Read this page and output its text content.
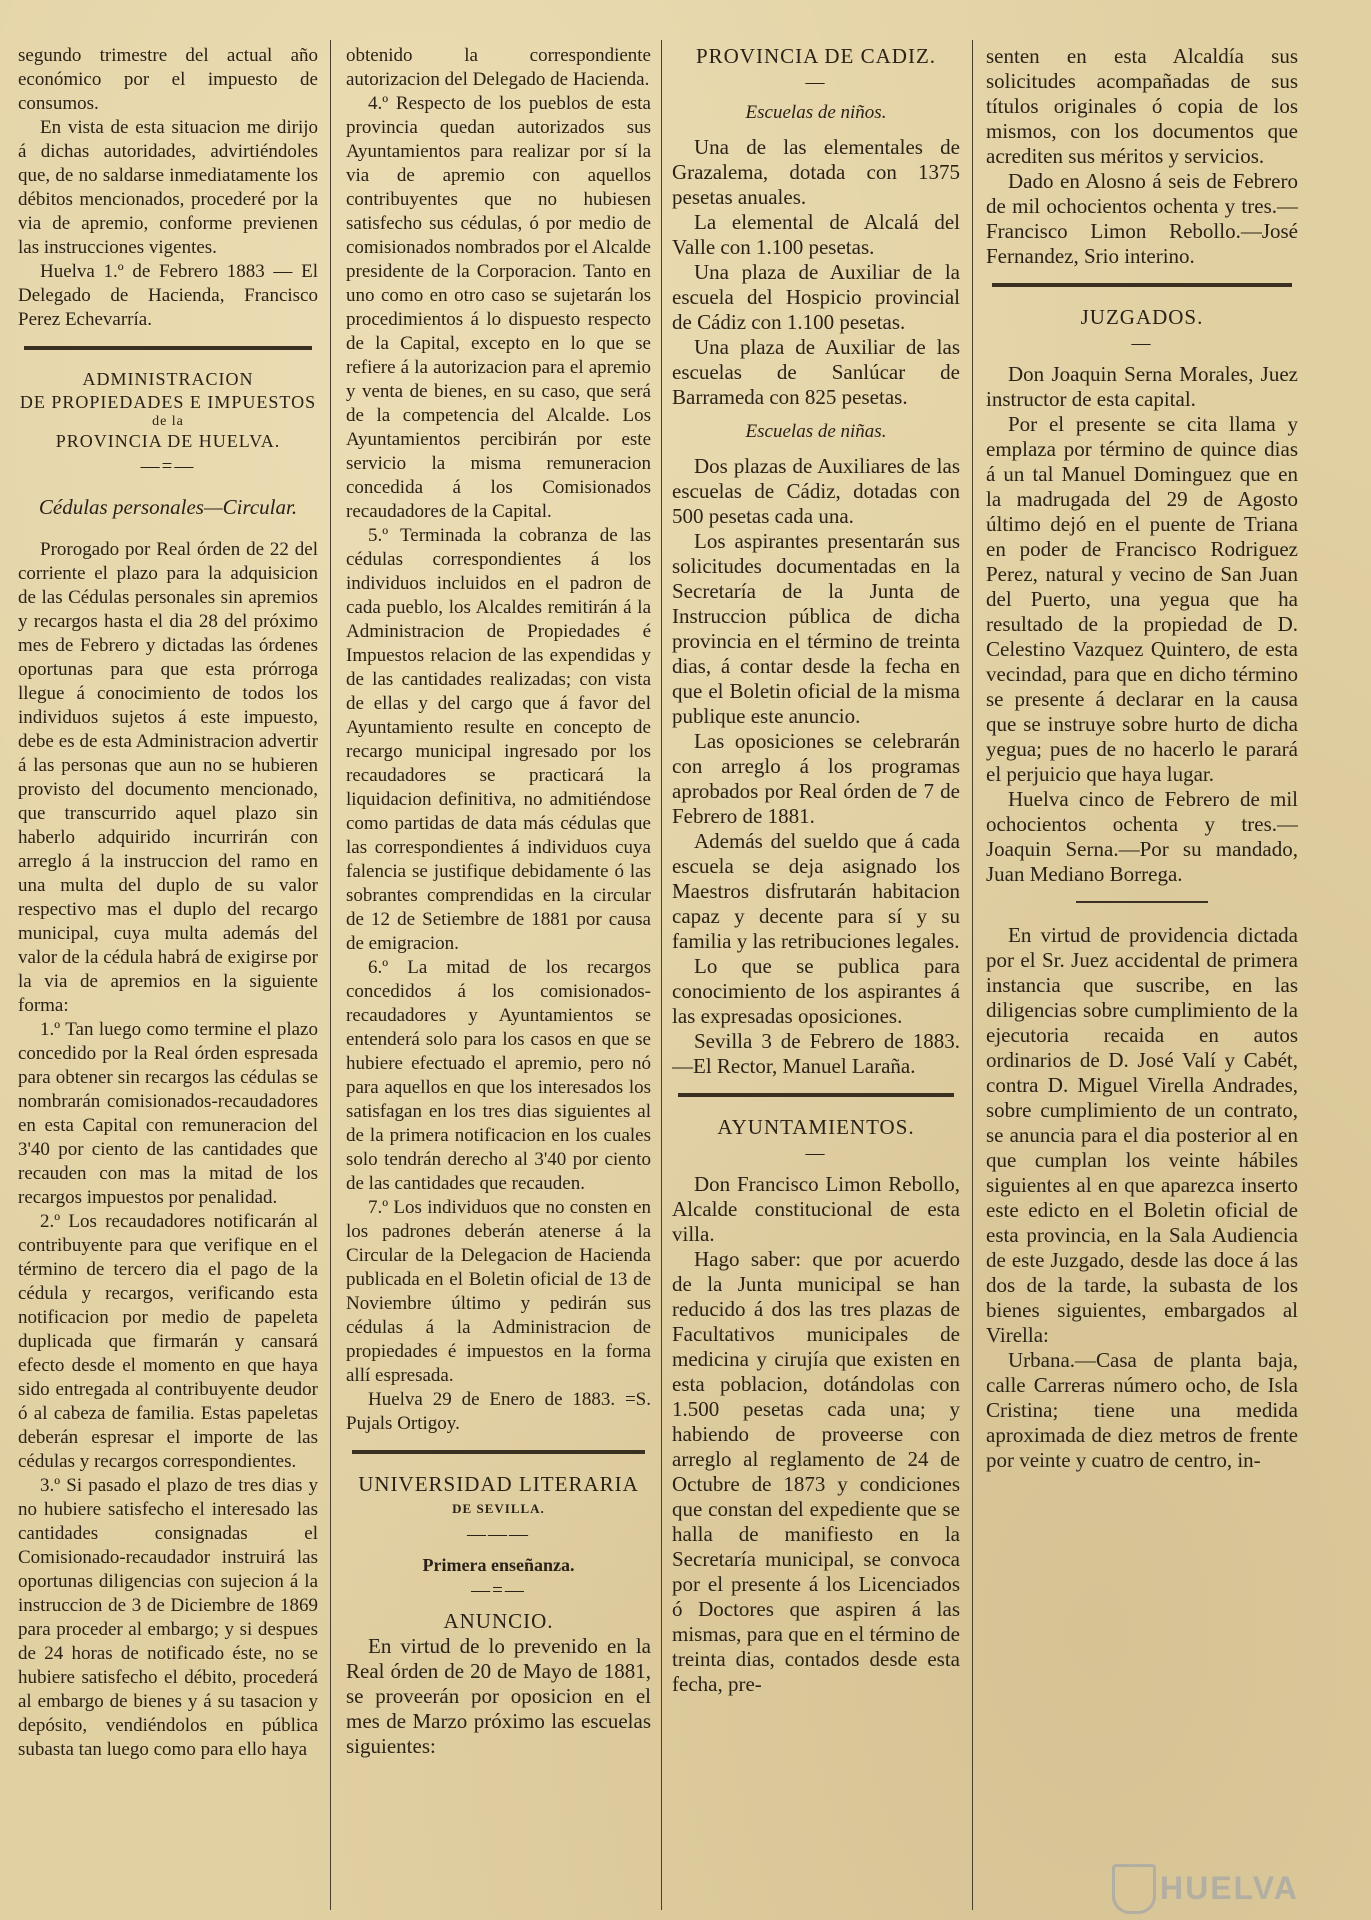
segundo trimestre del actual año económico por el impuesto de consumos.

En vista de esta situacion me dirijo á dichas autoridades, advirtiéndoles que, de no saldarse inmediatamente los débitos mencionados, procederé por la via de apremio, conforme previenen las instrucciones vigentes.

Huelva 1.º de Febrero 1883 — El Delegado de Hacienda, Francisco Perez Echevarría.

ADMINISTRACION

DE PROPIEDADES E IMPUESTOS

de la

PROVINCIA DE HUELVA.

—=—

Cédulas personales—Circular.

Prorogado por Real órden de 22 del corriente el plazo para la adquisicion de las Cédulas personales sin apremios y recargos hasta el dia 28 del próximo mes de Febrero y dictadas las órdenes oportunas para que esta prórroga llegue á conocimiento de todos los individuos sujetos á este impuesto, debe es de esta Administracion advertir á las personas que aun no se hubieren provisto del documento mencionado, que transcurrido aquel plazo sin haberlo adquirido incurrirán con arreglo á la instruccion del ramo en una multa del duplo de su valor respectivo mas el duplo del recargo municipal, cuya multa además del valor de la cédula habrá de exigirse por la via de apremios en la siguiente forma:

1.º Tan luego como termine el plazo concedido por la Real órden espresada para obtener sin recargos las cédulas se nombrarán comisionados-recaudadores en esta Capital con remuneracion del 3'40 por ciento de las cantidades que recauden con mas la mitad de los recargos impuestos por penalidad.

2.º Los recaudadores notificarán al contribuyente para que verifique en el término de tercero dia el pago de la cédula y recargos, verificando esta notificacion por medio de papeleta duplicada que firmarán y cansará efecto desde el momento en que haya sido entregada al contribuyente deudor ó al cabeza de familia. Estas papeletas deberán espresar el importe de las cédulas y recargos correspondientes.

3.º Si pasado el plazo de tres dias y no hubiere satisfecho el interesado las cantidades consignadas el Comisionado-recaudador instruirá las oportunas diligencias con sujecion á la instruccion de 3 de Diciembre de 1869 para proceder al embargo; y si despues de 24 horas de notificado éste, no se hubiere satisfecho el débito, procederá al embargo de bienes y á su tasacion y depósito, vendiéndolos en pública subasta tan luego como para ello haya

obtenido la correspondiente autorizacion del Delegado de Hacienda.

4.º Respecto de los pueblos de esta provincia quedan autorizados sus Ayuntamientos para realizar por sí la via de apremio con aquellos contribuyentes que no hubiesen satisfecho sus cédulas, ó por medio de comisionados nombrados por el Alcalde presidente de la Corporacion. Tanto en uno como en otro caso se sujetarán los procedimientos á lo dispuesto respecto de la Capital, excepto en lo que se refiere á la autorizacion para el apremio y venta de bienes, en su caso, que será de la competencia del Alcalde. Los Ayuntamientos percibirán por este servicio la misma remuneracion concedida á los Comisionados recaudadores de la Capital.

5.º Terminada la cobranza de las cédulas correspondientes á los individuos incluidos en el padron de cada pueblo, los Alcaldes remitirán á la Administracion de Propiedades é Impuestos relacion de las expendidas y de las cantidades realizadas; con vista de ellas y del cargo que á favor del Ayuntamiento resulte en concepto de recargo municipal ingresado por los recaudadores se practicará la liquidacion definitiva, no admitiéndose como partidas de data más cédulas que las correspondientes á individuos cuya falencia se justifique debidamente ó las sobrantes comprendidas en la circular de 12 de Setiembre de 1881 por causa de emigracion.

6.º La mitad de los recargos concedidos á los comisionados-recaudadores y Ayuntamientos se entenderá solo para los casos en que se hubiere efectuado el apremio, pero nó para aquellos en que los interesados los satisfagan en los tres dias siguientes al de la primera notificacion en los cuales solo tendrán derecho al 3'40 por ciento de las cantidades que recauden.

7.º Los individuos que no consten en los padrones deberán atenerse á la Circular de la Delegacion de Hacienda publicada en el Boletin oficial de 13 de Noviembre último y pedirán sus cédulas á la Administracion de propiedades é impuestos en la forma allí espresada.

Huelva 29 de Enero de 1883. =S. Pujals Ortigoy.

UNIVERSIDAD LITERARIA

DE SEVILLA.

———

Primera enseñanza.

—=—

ANUNCIO.

En virtud de lo prevenido en la Real órden de 20 de Mayo de 1881, se proveerán por oposicion en el mes de Marzo próximo las escuelas siguientes:

PROVINCIA DE CADIZ.

—

Escuelas de niños.

Una de las elementales de Grazalema, dotada con 1375 pesetas anuales.

La elemental de Alcalá del Valle con 1.100 pesetas.

Una plaza de Auxiliar de la escuela del Hospicio provincial de Cádiz con 1.100 pesetas.

Una plaza de Auxiliar de las escuelas de Sanlúcar de Barrameda con 825 pesetas.

Escuelas de niñas.

Dos plazas de Auxiliares de las escuelas de Cádiz, dotadas con 500 pesetas cada una.

Los aspirantes presentarán sus solicitudes documentadas en la Secretaría de la Junta de Instruccion pública de dicha provincia en el término de treinta dias, á contar desde la fecha en que el Boletin oficial de la misma publique este anuncio.

Las oposiciones se celebrarán con arreglo á los programas aprobados por Real órden de 7 de Febrero de 1881.

Además del sueldo que á cada escuela se deja asignado los Maestros disfrutarán habitacion capaz y decente para sí y su familia y las retribuciones legales.

Lo que se publica para conocimiento de los aspirantes á las expresadas oposiciones.

Sevilla 3 de Febrero de 1883.—El Rector, Manuel Laraña.

AYUNTAMIENTOS.

—

Don Francisco Limon Rebollo, Alcalde constitucional de esta villa.

Hago saber: que por acuerdo de la Junta municipal se han reducido á dos las tres plazas de Facultativos municipales de medicina y cirujía que existen en esta poblacion, dotándolas con 1.500 pesetas cada una; y habiendo de proveerse con arreglo al reglamento de 24 de Octubre de 1873 y condiciones que constan del expediente que se halla de manifiesto en la Secretaría municipal, se convoca por el presente á los Licenciados ó Doctores que aspiren á las mismas, para que en el término de treinta dias, contados desde esta fecha, pre-

senten en esta Alcaldía sus solicitudes acompañadas de sus títulos originales ó copia de los mismos, con los documentos que acrediten sus méritos y servicios.

Dado en Alosno á seis de Febrero de mil ochocientos ochenta y tres.—Francisco Limon Rebollo.—José Fernandez, Srio interino.

JUZGADOS.

—

Don Joaquin Serna Morales, Juez instructor de esta capital.

Por el presente se cita llama y emplaza por término de quince dias á un tal Manuel Dominguez que en la madrugada del 29 de Agosto último dejó en el puente de Triana en poder de Francisco Rodriguez Perez, natural y vecino de San Juan del Puerto, una yegua que ha resultado de la propiedad de D. Celestino Vazquez Quintero, de esta vecindad, para que en dicho término se presente á declarar en la causa que se instruye sobre hurto de dicha yegua; pues de no hacerlo le parará el perjuicio que haya lugar.

Huelva cinco de Febrero de mil ochocientos ochenta y tres.—Joaquin Serna.—Por su mandado, Juan Mediano Borrega.

En virtud de providencia dictada por el Sr. Juez accidental de primera instancia que suscribe, en las diligencias sobre cumplimiento de la ejecutoria recaida en autos ordinarios de D. José Valí y Cabét, contra D. Miguel Virella Andrades, sobre cumplimiento de un contrato, se anuncia para el dia posterior al en que cumplan los veinte hábiles siguientes al en que aparezca inserto este edicto en el Boletin oficial de esta provincia, en la Sala Audiencia de este Juzgado, desde las doce á las dos de la tarde, la subasta de los bienes siguientes, embargados al Virella:

Urbana.—Casa de planta baja, calle Carreras número ocho, de Isla Cristina; tiene una medida aproximada de diez metros de frente por veinte y cuatro de centro, in-

HUELVA
